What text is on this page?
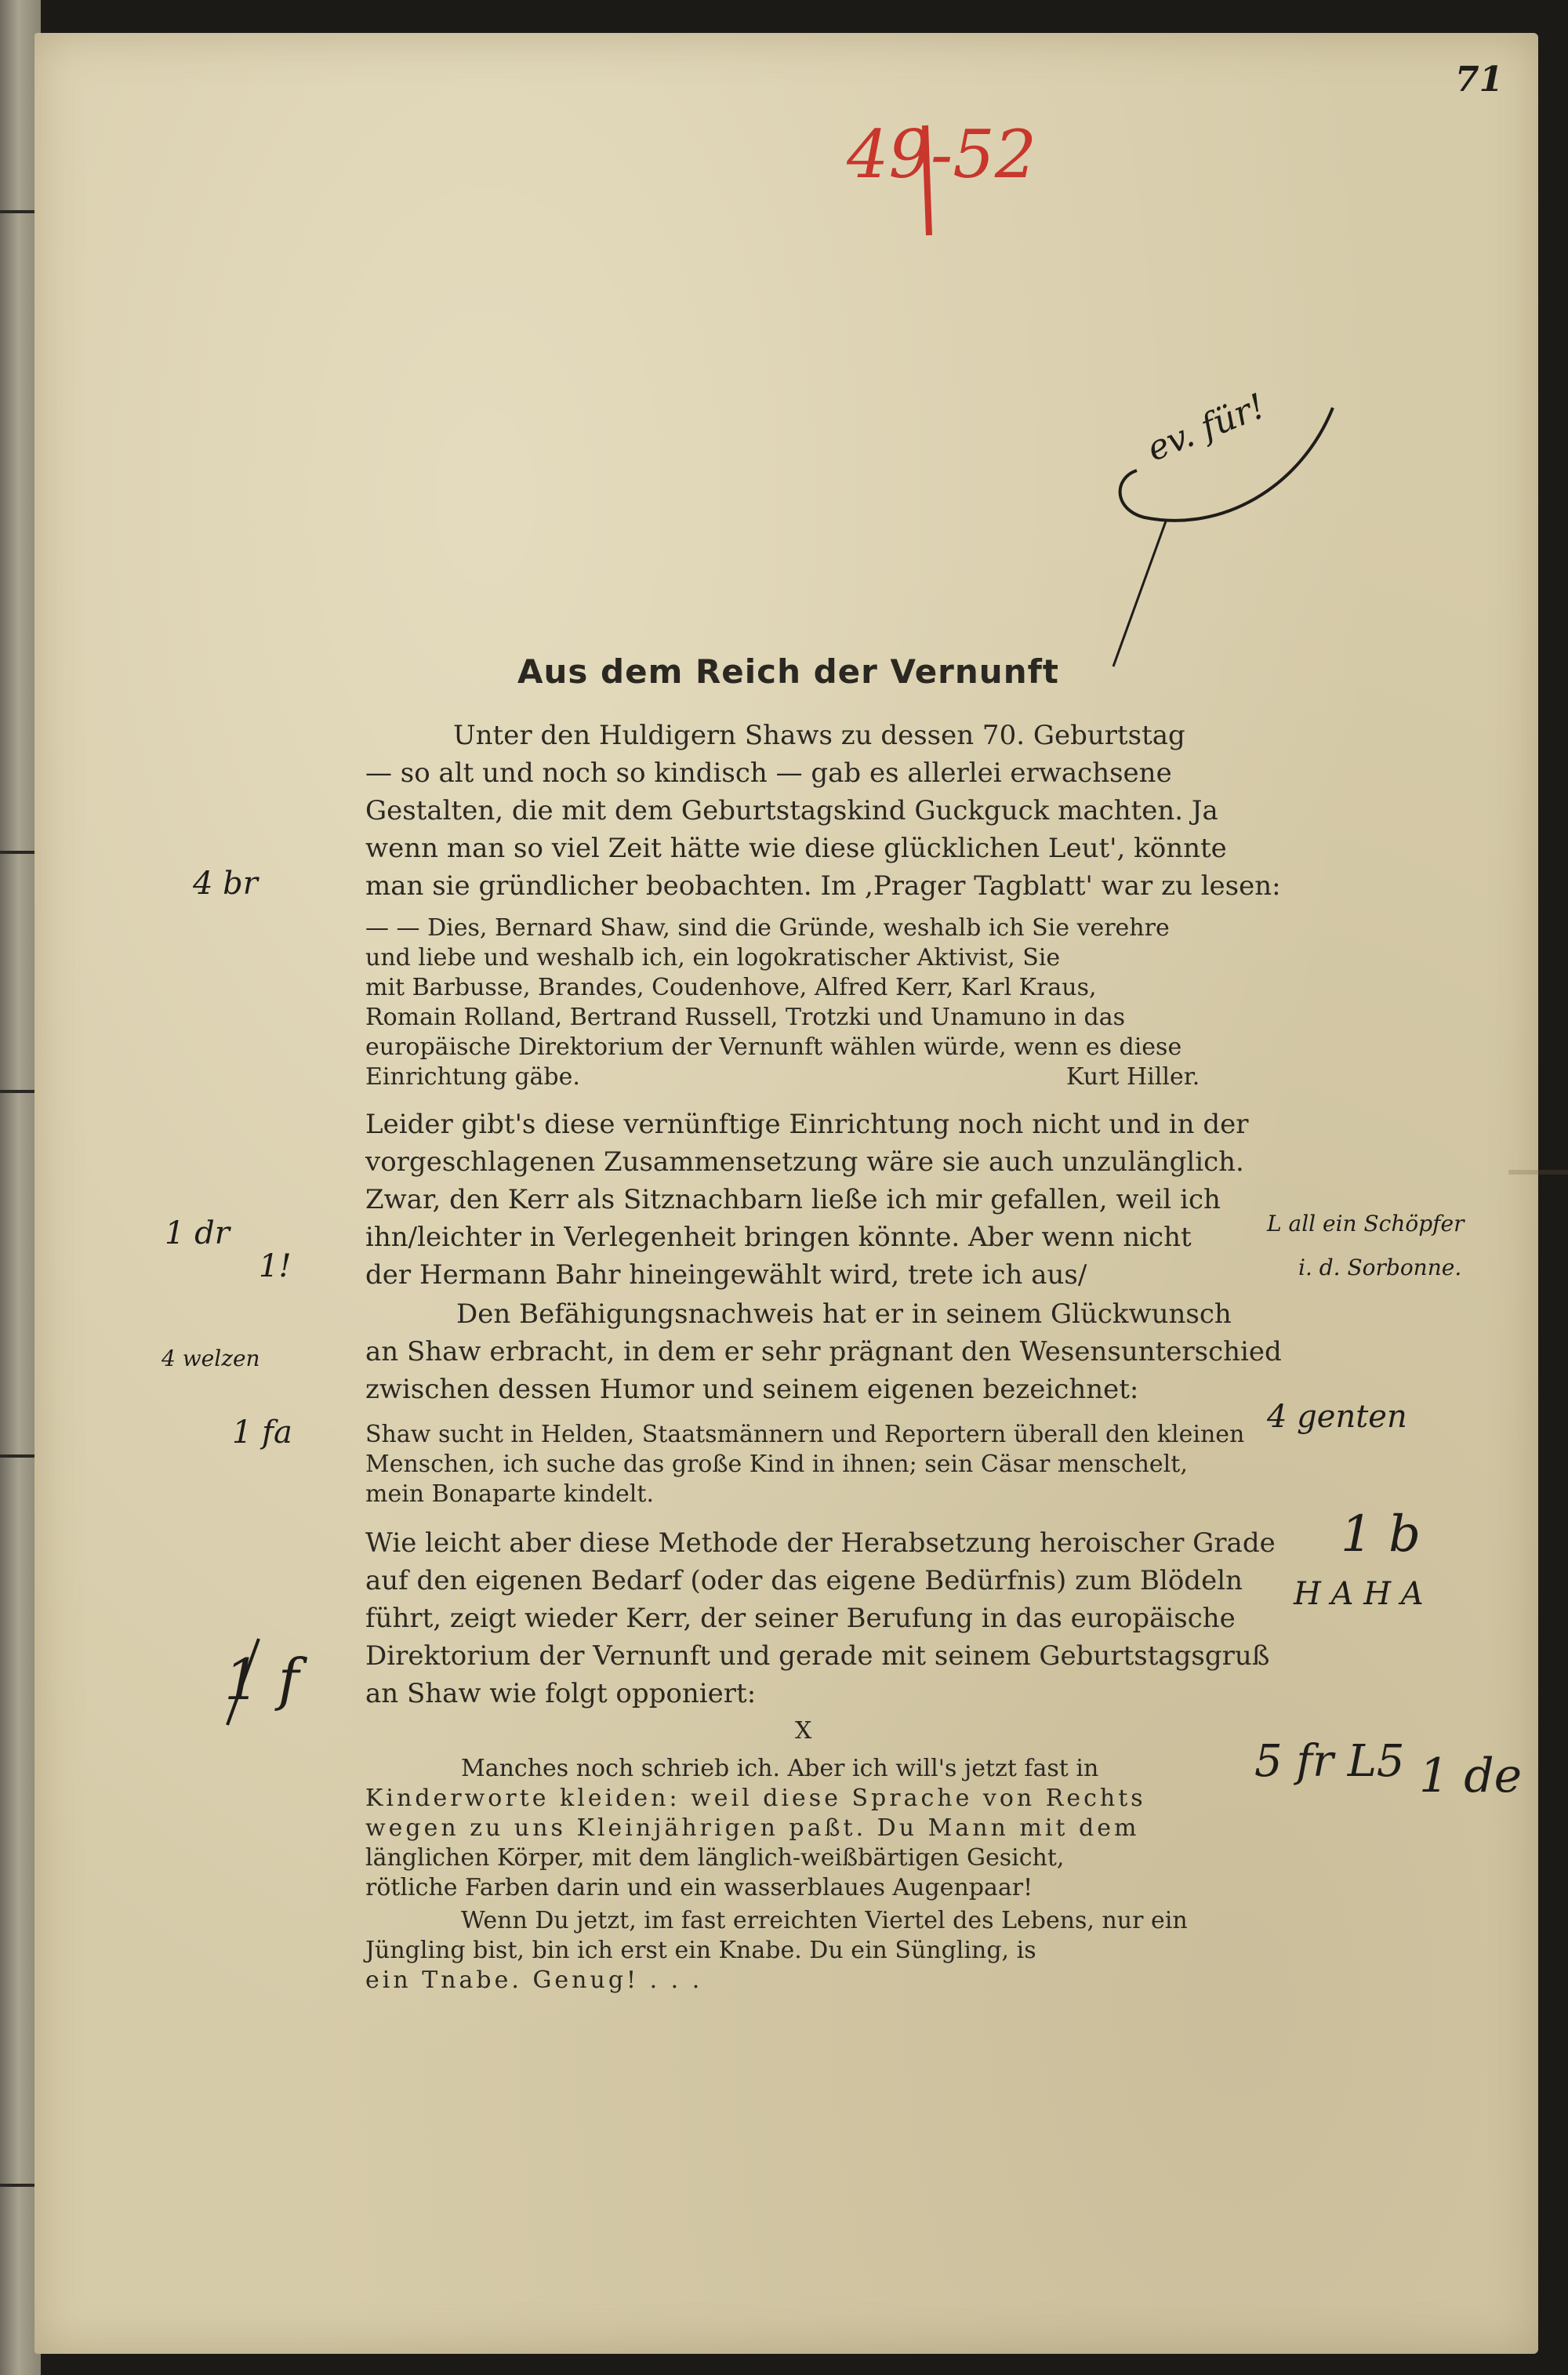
71
49-52
ev. für!
Aus dem Reich der Vernunft
Unter den Huldigern Shaws zu dessen 70. Geburtstag
— so alt und noch so kindisch — gab es allerlei erwachsene
Gestalten, die mit dem Geburtstagskind Guckguck machten. Ja
wenn man so viel Zeit hätte wie diese glücklichen Leut', könnte
man sie gründlicher beobachten. Im ,Prager Tagblatt' war zu lesen:
— — Dies, Bernard Shaw, sind die Gründe, weshalb ich Sie verehre
und liebe und weshalb ich, ein logokratischer Aktivist, Sie
mit Barbusse, Brandes, Coudenhove, Alfred Kerr, Karl Kraus,
Romain Rolland, Bertrand Russell, Trotzki und Unamuno in das
europäische Direktorium der Vernunft wählen würde, wenn es diese
Einrichtung gäbe.	Kurt Hiller.
Leider gibt's diese vernünftige Einrichtung noch nicht und in der
vorgeschlagenen Zusammensetzung wäre sie auch unzulänglich.
Zwar, den Kerr als Sitznachbarn ließe ich mir gefallen, weil ich
ihn/leichter in Verlegenheit bringen könnte. Aber wenn nicht
der Hermann Bahr hineingewählt wird, trete ich aus/
Den Befähigungsnachweis hat er in seinem Glückwunsch
an Shaw erbracht, in dem er sehr prägnant den Wesensunterschied
zwischen dessen Humor und seinem eigenen bezeichnet:
Shaw sucht in Helden, Staatsmännern und Reportern überall den kleinen
Menschen, ich suche das große Kind in ihnen; sein Cäsar menschelt,
mein Bonaparte kindelt.
Wie leicht aber diese Methode der Herabsetzung heroischer Grade
auf den eigenen Bedarf (oder das eigene Bedürfnis) zum Blödeln
führt, zeigt wieder Kerr, der seiner Berufung in das europäische
Direktorium der Vernunft und gerade mit seinem Geburtstagsgruß
an Shaw wie folgt opponiert:
X
Manches noch schrieb ich. Aber ich will's jetzt fast in
Kinderworte kleiden: weil diese Sprache von Rechts
wegen zu uns Kleinjährigen paßt. Du Mann mit dem
länglichen Körper, mit dem länglich-weißbärtigen Gesicht,
rötliche Farben darin und ein wasserblaues Augenpaar!
Wenn Du jetzt, im fast erreichten Viertel des Lebens, nur ein
Jüngling bist, bin ich erst ein Knabe. Du ein Süngling, is
ein Tnabe. Genug! . . .
4 br
1 dr
1!
4 welzen
1 fa
1 f
L all ein Schöpfer
i. d. Sorbonne.
4 genten
1 b
H A H A
5 fr L5 1 de
